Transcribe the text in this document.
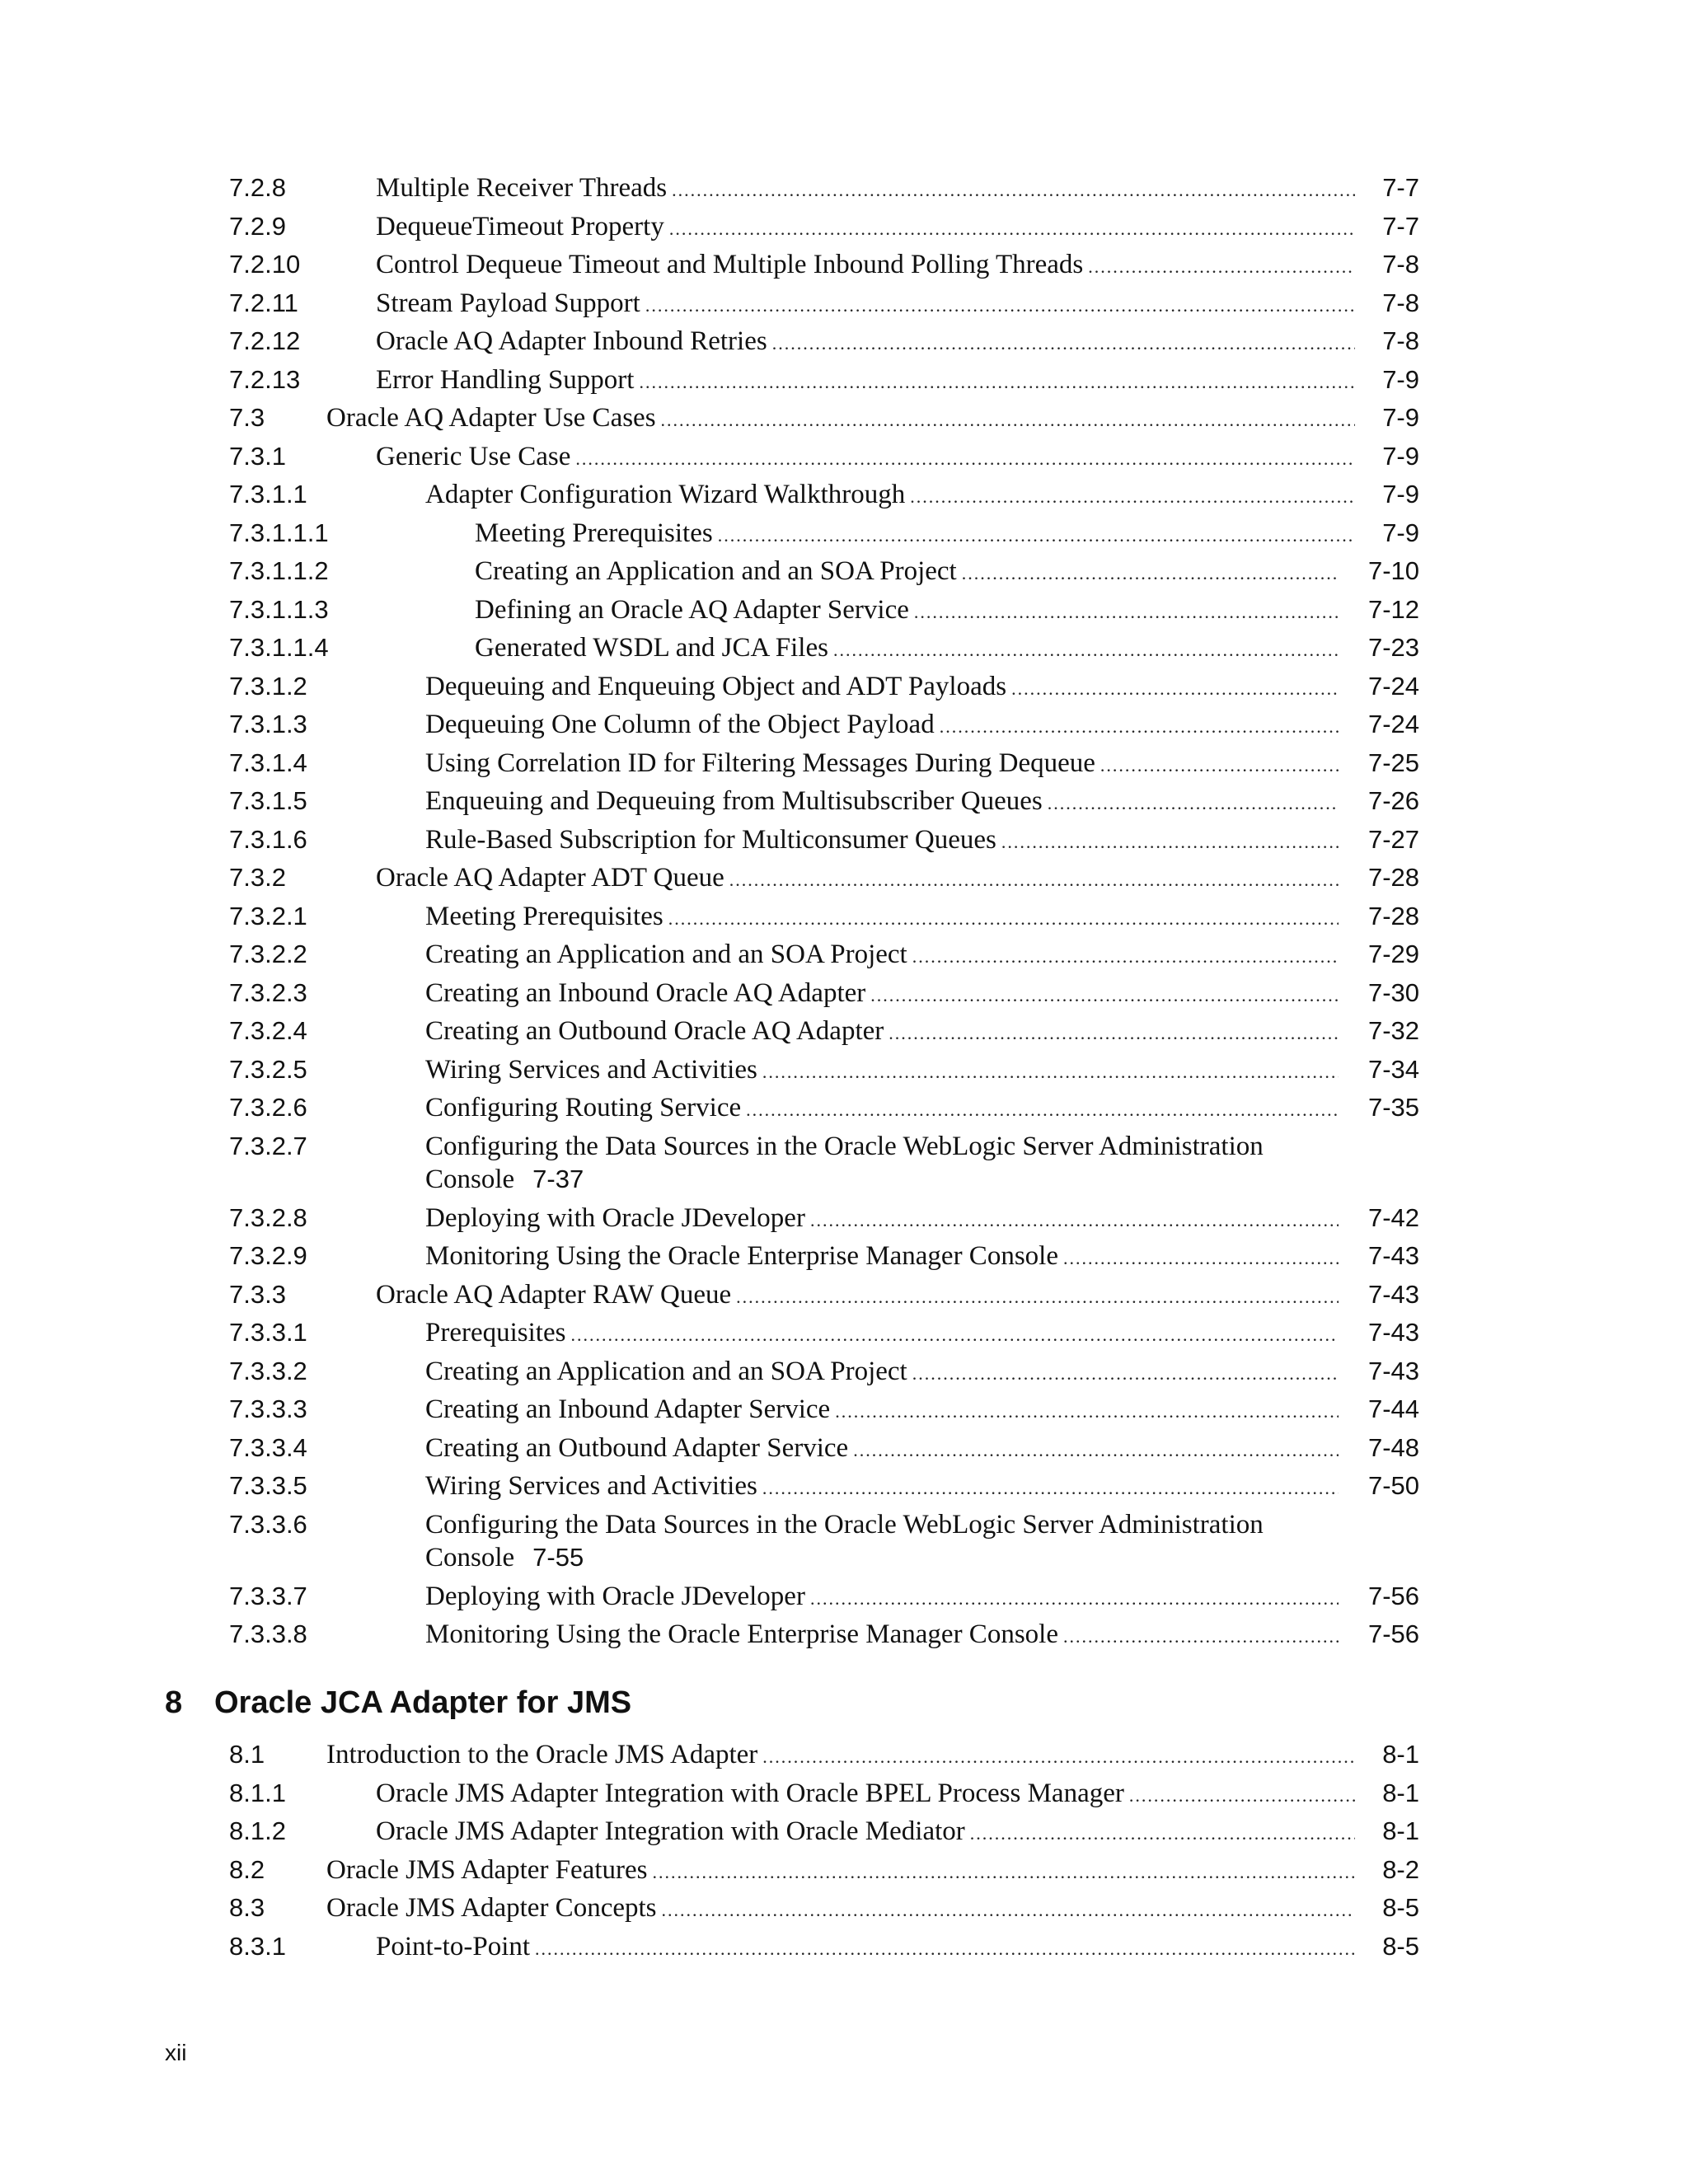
7.2.8	Multiple Receiver Threads .....	7-7
7.2.9	DequeueTimeout Property .....	7-7
7.2.10	Control Dequeue Timeout and Multiple Inbound Polling Threads .....	7-8
7.2.11	Stream Payload Support .....	7-8
7.2.12	Oracle AQ Adapter Inbound Retries .....	7-8
7.2.13	Error Handling Support .....	7-9
7.3 Oracle AQ Adapter Use Cases .....	7-9
7.3.1	Generic Use Case .....	7-9
7.3.1.1	Adapter Configuration Wizard Walkthrough .....	7-9
7.3.1.1.1	Meeting Prerequisites .....	7-9
7.3.1.1.2	Creating an Application and an SOA Project .....	7-10
7.3.1.1.3	Defining an Oracle AQ Adapter Service .....	7-12
7.3.1.1.4	Generated WSDL and JCA Files .....	7-23
7.3.1.2	Dequeuing and Enqueuing Object and ADT Payloads .....	7-24
7.3.1.3	Dequeuing One Column of the Object Payload .....	7-24
7.3.1.4	Using Correlation ID for Filtering Messages During Dequeue .....	7-25
7.3.1.5	Enqueuing and Dequeuing from Multisubscriber Queues .....	7-26
7.3.1.6	Rule-Based Subscription for Multiconsumer Queues .....	7-27
7.3.2	Oracle AQ Adapter ADT Queue .....	7-28
7.3.2.1	Meeting Prerequisites .....	7-28
7.3.2.2	Creating an Application and an SOA Project .....	7-29
7.3.2.3	Creating an Inbound Oracle AQ Adapter .....	7-30
7.3.2.4	Creating an Outbound Oracle AQ Adapter .....	7-32
7.3.2.5	Wiring Services and Activities .....	7-34
7.3.2.6	Configuring Routing Service .....	7-35
7.3.2.7	Configuring the Data Sources in the Oracle WebLogic Server Administration
Console 7-37
7.3.2.8	Deploying with Oracle JDeveloper .....	7-42
7.3.2.9	Monitoring Using the Oracle Enterprise Manager Console .....	7-43
7.3.3	Oracle AQ Adapter RAW Queue .....	7-43
7.3.3.1	Prerequisites .....	7-43
7.3.3.2	Creating an Application and an SOA Project .....	7-43
7.3.3.3	Creating an Inbound Adapter Service .....	7-44
7.3.3.4	Creating an Outbound Adapter Service .....	7-48
7.3.3.5	Wiring Services and Activities .....	7-50
7.3.3.6	Configuring the Data Sources in the Oracle WebLogic Server Administration
Console 7-55
7.3.3.7	Deploying with Oracle JDeveloper .....	7-56
7.3.3.8	Monitoring Using the Oracle Enterprise Manager Console .....	7-56
8 Oracle JCA Adapter for JMS
8.1 Introduction to the Oracle JMS Adapter .....	8-1
8.1.1	Oracle JMS Adapter Integration with Oracle BPEL Process Manager .....	8-1
8.1.2	Oracle JMS Adapter Integration with Oracle Mediator .....	8-1
8.2 Oracle JMS Adapter Features .....	8-2
8.3 Oracle JMS Adapter Concepts .....	8-5
8.3.1	Point-to-Point .....	8-5
xii
